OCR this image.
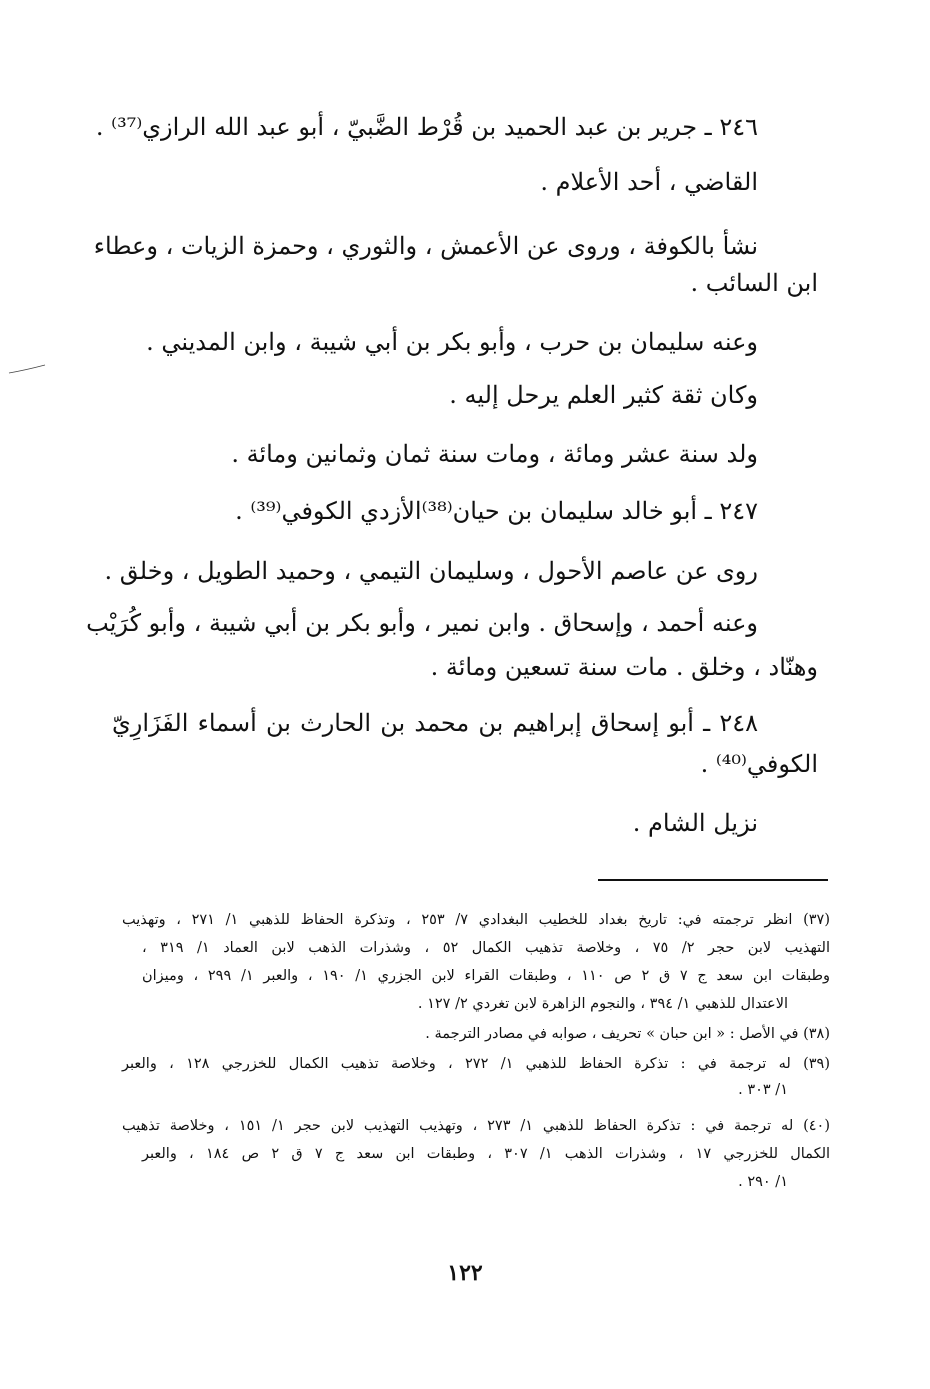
٢٤٦ ـ جرير بن عبد الحميد بن قُرْط الضَّبيّ ، أبو عبد الله الرازي⁽³⁷⁾ .
القاضي ، أحد الأعلام .
نشأ بالكوفة ، وروى عن الأعمش ، والثوري ، وحمزة الزيات ، وعطاء
ابن السائب .
وعنه سليمان بن حرب ، وأبو بكر بن أبي شيبة ، وابن المديني .
وكان ثقة كثير العلم يرحل إليه .
ولد سنة عشر ومائة ، ومات سنة ثمان وثمانين ومائة .
٢٤٧ ـ أبو خالد سليمان بن حيان⁽³⁸⁾الأزدي الكوفي⁽³⁹⁾ .
روى عن عاصم الأحول ، وسليمان التيمي ، وحميد الطويل ، وخلق .
وعنه أحمد ، وإسحاق . وابن نمير ، وأبو بكر بن أبي شيبة ، وأبو كُرَيْب
وهنّاد ، وخلق . مات سنة تسعين ومائة .
٢٤٨ ـ أبو إسحاق إبراهيم بن محمد بن الحارث بن أسماء الفَزَارِيّ
الكوفي⁽⁴⁰⁾ .
نزيل الشام .
(٣٧) انظر ترجمته في: تاريخ بغداد للخطيب البغدادي ٧/ ٢٥٣ ، وتذكرة الحفاظ للذهبي ١/ ٢٧١ ، وتهذيب
التهذيب لابن حجر ٢/ ٧٥ ، وخلاصة تذهيب الكمال ٥٢ ، وشذرات الذهب لابن العماد ١/ ٣١٩ ،
وطبقات ابن سعد ج ٧ ق ٢ ص ١١٠ ، وطبقات القراء لابن الجزري ١/ ١٩٠ ، والعبر ١/ ٢٩٩ ، وميزان
الاعتدال للذهبي ١/ ٣٩٤ ، والنجوم الزاهرة لابن تغردي ٢/ ١٢٧ .
(٣٨) في الأصل : « ابن حبان » تحريف ، صوابه في مصادر الترجمة .
(٣٩) له ترجمة في : تذكرة الحفاظ للذهبي ١/ ٢٧٢ ، وخلاصة تذهيب الكمال للخزرجي ١٢٨ ، والعبر
١/ ٣٠٣ .
(٤٠) له ترجمة في : تذكرة الحفاظ للذهبي ١/ ٢٧٣ ، وتهذيب التهذيب لابن حجر ١/ ١٥١ ، وخلاصة تذهيب
الكمال للخزرجي ١٧ ، وشذرات الذهب ١/ ٣٠٧ ، وطبقات ابن سعد ج ٧ ق ٢ ص ١٨٤ ، والعبر
١/ ٢٩٠ .
١٢٢
